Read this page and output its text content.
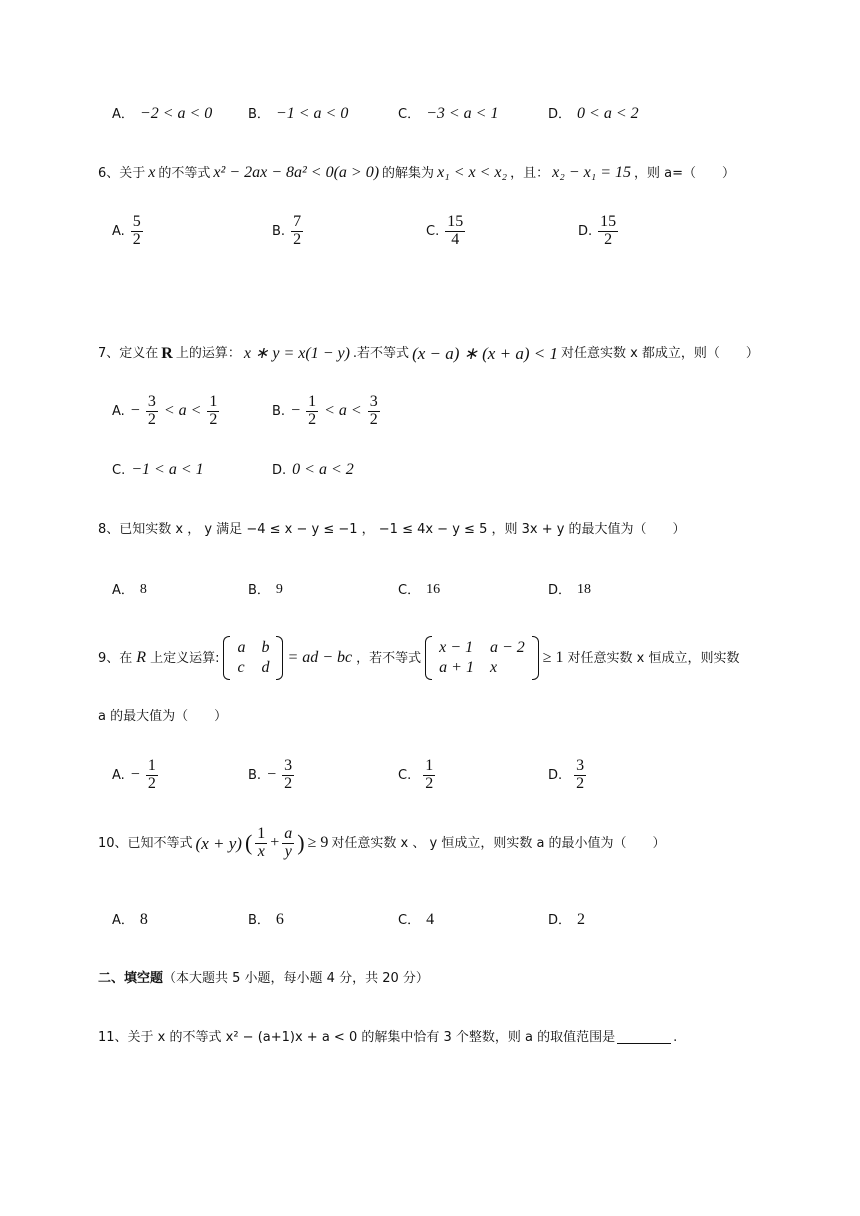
A． −2 < a < 0	B． −1 < a < 0	C． −3 < a < 1	D． 0 < a < 2
6、关于 x 的不等式 x² − 2ax − 8a² < 0(a > 0) 的解集为 x₁ < x < x₂ ，且： x₂ − x₁ = 15 ，则 a=（　　）
A. $\frac{5}{2}$	B. $\frac{7}{2}$	C. $\frac{15}{4}$	D. $\frac{15}{2}$
7、定义在 R 上的运算： x ∗ y = x(1 − y) .若不等式 (x − a) ∗ (x + a) < 1 对任意实数 x 都成立，则（　　）
A. − $\frac{3}{2} < a < \frac{1}{2}$	B. − $\frac{1}{2} < a < \frac{3}{2}$
C. −1 < a < 1	D. 0 < a < 2
8、已知实数 x ， y 满足 −4 ≤ x − y ≤ −1 ， −1 ≤ 4x − y ≤ 5 ，则 3x + y 的最大值为（　　）
A． 8	B． 9	C． 16	D． 18
9、在 R 上定义运算:
a	b
c	d
= ad − bc ，若不等式
x − 1	a − 2
a + 1	x
≥ 1 对任意实数 x 恒成立，则实数
a 的最大值为（　　）
A. − $\frac{1}{2}$	B. − $\frac{3}{2}$	C. $\frac{1}{2}$	D. $\frac{3}{2}$
10、已知不等式 (x + y) ( $\frac{1}{x} + \frac{a}{y}$ ) ≥ 9 对任意实数 x 、 y 恒成立，则实数 a 的最小值为（　　）
A． 8	B． 6	C． 4	D． 2
二、填空题（本大题共 5 小题，每小题 4 分，共 20 分）
11、关于 x 的不等式 x² − (a+1)x + a < 0 的解集中恰有 3 个整数，则 a 的取值范围是	.
